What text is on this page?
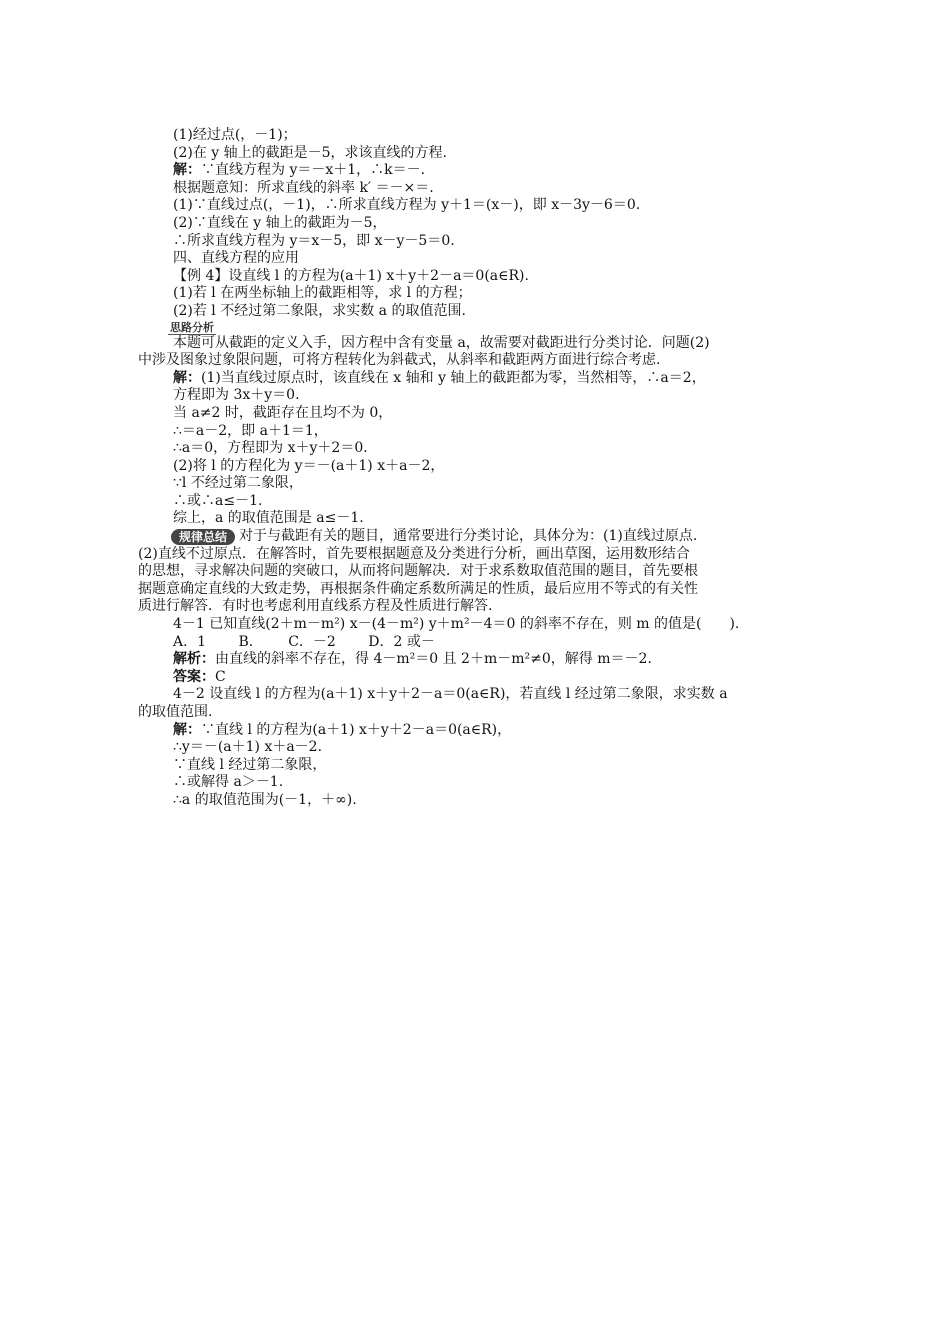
(1)经过点(，－1)；
(2)在 y 轴上的截距是－5，求该直线的方程.
解：∵直线方程为 y＝－x＋1，∴k＝－.
根据题意知：所求直线的斜率 k′ ＝－×＝.
(1)∵直线过点(，－1)，∴所求直线方程为 y＋1＝(x－)，即 x－3y－6＝0.
(2)∵直线在 y 轴上的截距为－5，
∴所求直线方程为 y＝x－5，即 x－y－5＝0.
四、直线方程的应用
【例 4】设直线 l 的方程为(a＋1) x＋y＋2－a＝0(a∈R).
(1)若 l 在两坐标轴上的截距相等，求 l 的方程；
(2)若 l 不经过第二象限，求实数 a 的取值范围.
思路分析
本题可从截距的定义入手，因方程中含有变量 a，故需要对截距进行分类讨论．问题(2)
中涉及图象过象限问题，可将方程转化为斜截式，从斜率和截距两方面进行综合考虑.
解：(1)当直线过原点时，该直线在 x 轴和 y 轴上的截距都为零，当然相等，∴a＝2，
方程即为 3x＋y＝0.
当 a≠2 时，截距存在且均不为 0，
∴＝a－2，即 a＋1＝1，
∴a＝0，方程即为 x＋y＋2＝0.
(2)将 l 的方程化为 y＝－(a＋1) x＋a－2，
∵l 不经过第二象限，
∴或∴a≤－1.
综上，a 的取值范围是 a≤－1.
规律总结 对于与截距有关的题目，通常要进行分类讨论，具体分为：(1)直线过原点.
(2)直线不过原点．在解答时，首先要根据题意及分类进行分析，画出草图，运用数形结合
的思想，寻求解决问题的突破口，从而将问题解决．对于求系数取值范围的题目，首先要根
据题意确定直线的大致走势，再根据条件确定系数所满足的性质，最后应用不等式的有关性
质进行解答．有时也考虑利用直线系方程及性质进行解答.
4－1 已知直线(2＋m－m²) x－(4－m²) y＋m²－4＝0 的斜率不存在，则 m 的值是(　　).
A．1　　 B．　　 C．－2　　 D．2 或－
解析：由直线的斜率不存在，得 4－m²＝0 且 2＋m－m²≠0，解得 m＝－2.
答案：C
4－2 设直线 l 的方程为(a＋1) x＋y＋2－a＝0(a∈R)，若直线 l 经过第二象限，求实数 a
的取值范围.
解：∵直线 l 的方程为(a＋1) x＋y＋2－a＝0(a∈R)，
∴y＝－(a＋1) x＋a－2.
∵直线 l 经过第二象限，
∴或解得 a＞－1.
∴a 的取值范围为(－1，＋∞).
